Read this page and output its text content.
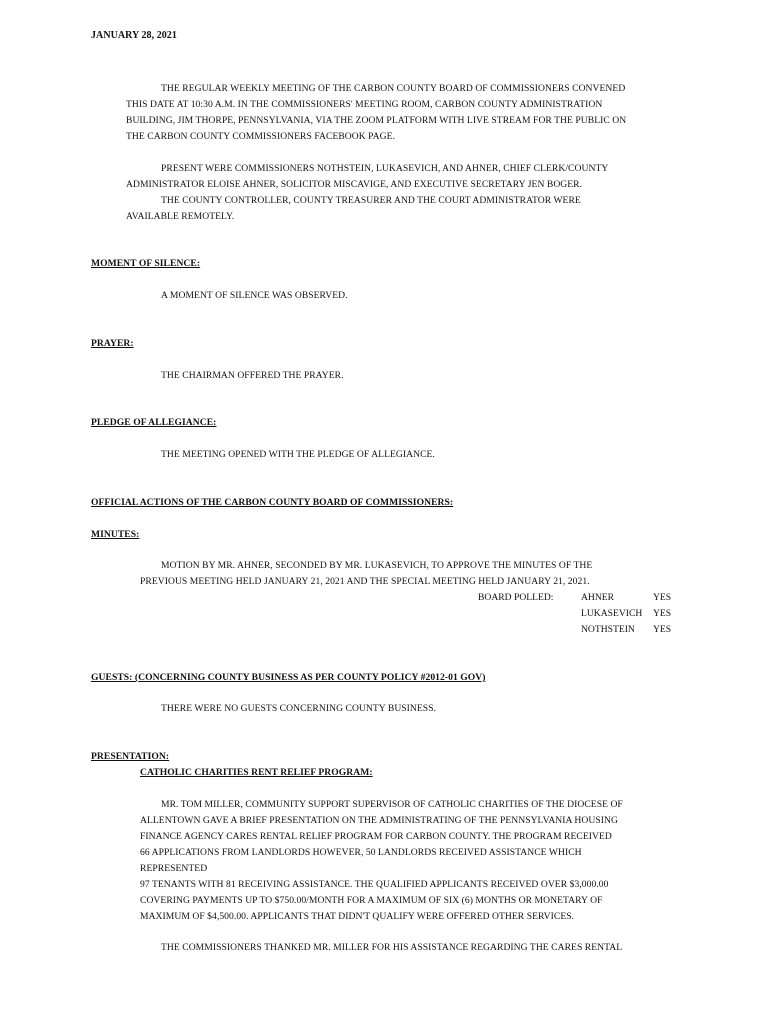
JANUARY 28, 2021
THE REGULAR WEEKLY MEETING OF THE CARBON COUNTY BOARD OF COMMISSIONERS CONVENED
THIS DATE AT 10:30 A.M. IN THE COMMISSIONERS' MEETING ROOM, CARBON COUNTY ADMINISTRATION
BUILDING, JIM THORPE, PENNSYLVANIA, VIA THE ZOOM PLATFORM WITH LIVE STREAM FOR THE PUBLIC ON
THE CARBON COUNTY COMMISSIONERS FACEBOOK PAGE.
PRESENT WERE COMMISSIONERS NOTHSTEIN, LUKASEVICH, AND AHNER, CHIEF CLERK/COUNTY
ADMINISTRATOR ELOISE AHNER, SOLICITOR MISCAVIGE, AND EXECUTIVE SECRETARY JEN BOGER.
THE COUNTY CONTROLLER, COUNTY TREASURER AND THE COURT ADMINISTRATOR WERE
AVAILABLE REMOTELY.
MOMENT OF SILENCE:
A MOMENT OF SILENCE WAS OBSERVED.
PRAYER:
THE CHAIRMAN OFFERED THE PRAYER.
PLEDGE OF ALLEGIANCE:
THE MEETING OPENED WITH THE PLEDGE OF ALLEGIANCE.
OFFICIAL ACTIONS OF THE CARBON COUNTY BOARD OF COMMISSIONERS:
MINUTES:
MOTION BY MR. AHNER, SECONDED BY MR. LUKASEVICH, TO APPROVE THE MINUTES OF THE
PREVIOUS MEETING HELD JANUARY 21, 2021 AND THE SPECIAL MEETING HELD JANUARY 21, 2021.
BOARD POLLED:	AHNER	YES
LUKASEVICH YES
NOTHSTEIN YES
GUESTS: (CONCERNING COUNTY BUSINESS AS PER COUNTY POLICY #2012-01 GOV)
THERE WERE NO GUESTS CONCERNING COUNTY BUSINESS.
PRESENTATION:
CATHOLIC CHARITIES RENT RELIEF PROGRAM:
MR. TOM MILLER, COMMUNITY SUPPORT SUPERVISOR OF CATHOLIC CHARITIES OF THE DIOCESE OF
ALLENTOWN GAVE A BRIEF PRESENTATION ON THE ADMINISTRATING OF THE PENNSYLVANIA HOUSING
FINANCE AGENCY CARES RENTAL RELIEF PROGRAM FOR CARBON COUNTY. THE PROGRAM RECEIVED
66 APPLICATIONS FROM LANDLORDS HOWEVER, 50 LANDLORDS RECEIVED ASSISTANCE WHICH
REPRESENTED
97 TENANTS WITH 81 RECEIVING ASSISTANCE. THE QUALIFIED APPLICANTS RECEIVED OVER $3,000.00
COVERING PAYMENTS UP TO $750.00/MONTH FOR A MAXIMUM OF SIX (6) MONTHS OR MONETARY OF
MAXIMUM OF $4,500.00. APPLICANTS THAT DIDN'T QUALIFY WERE OFFERED OTHER SERVICES.
THE COMMISSIONERS THANKED MR. MILLER FOR HIS ASSISTANCE REGARDING THE CARES RENTAL
